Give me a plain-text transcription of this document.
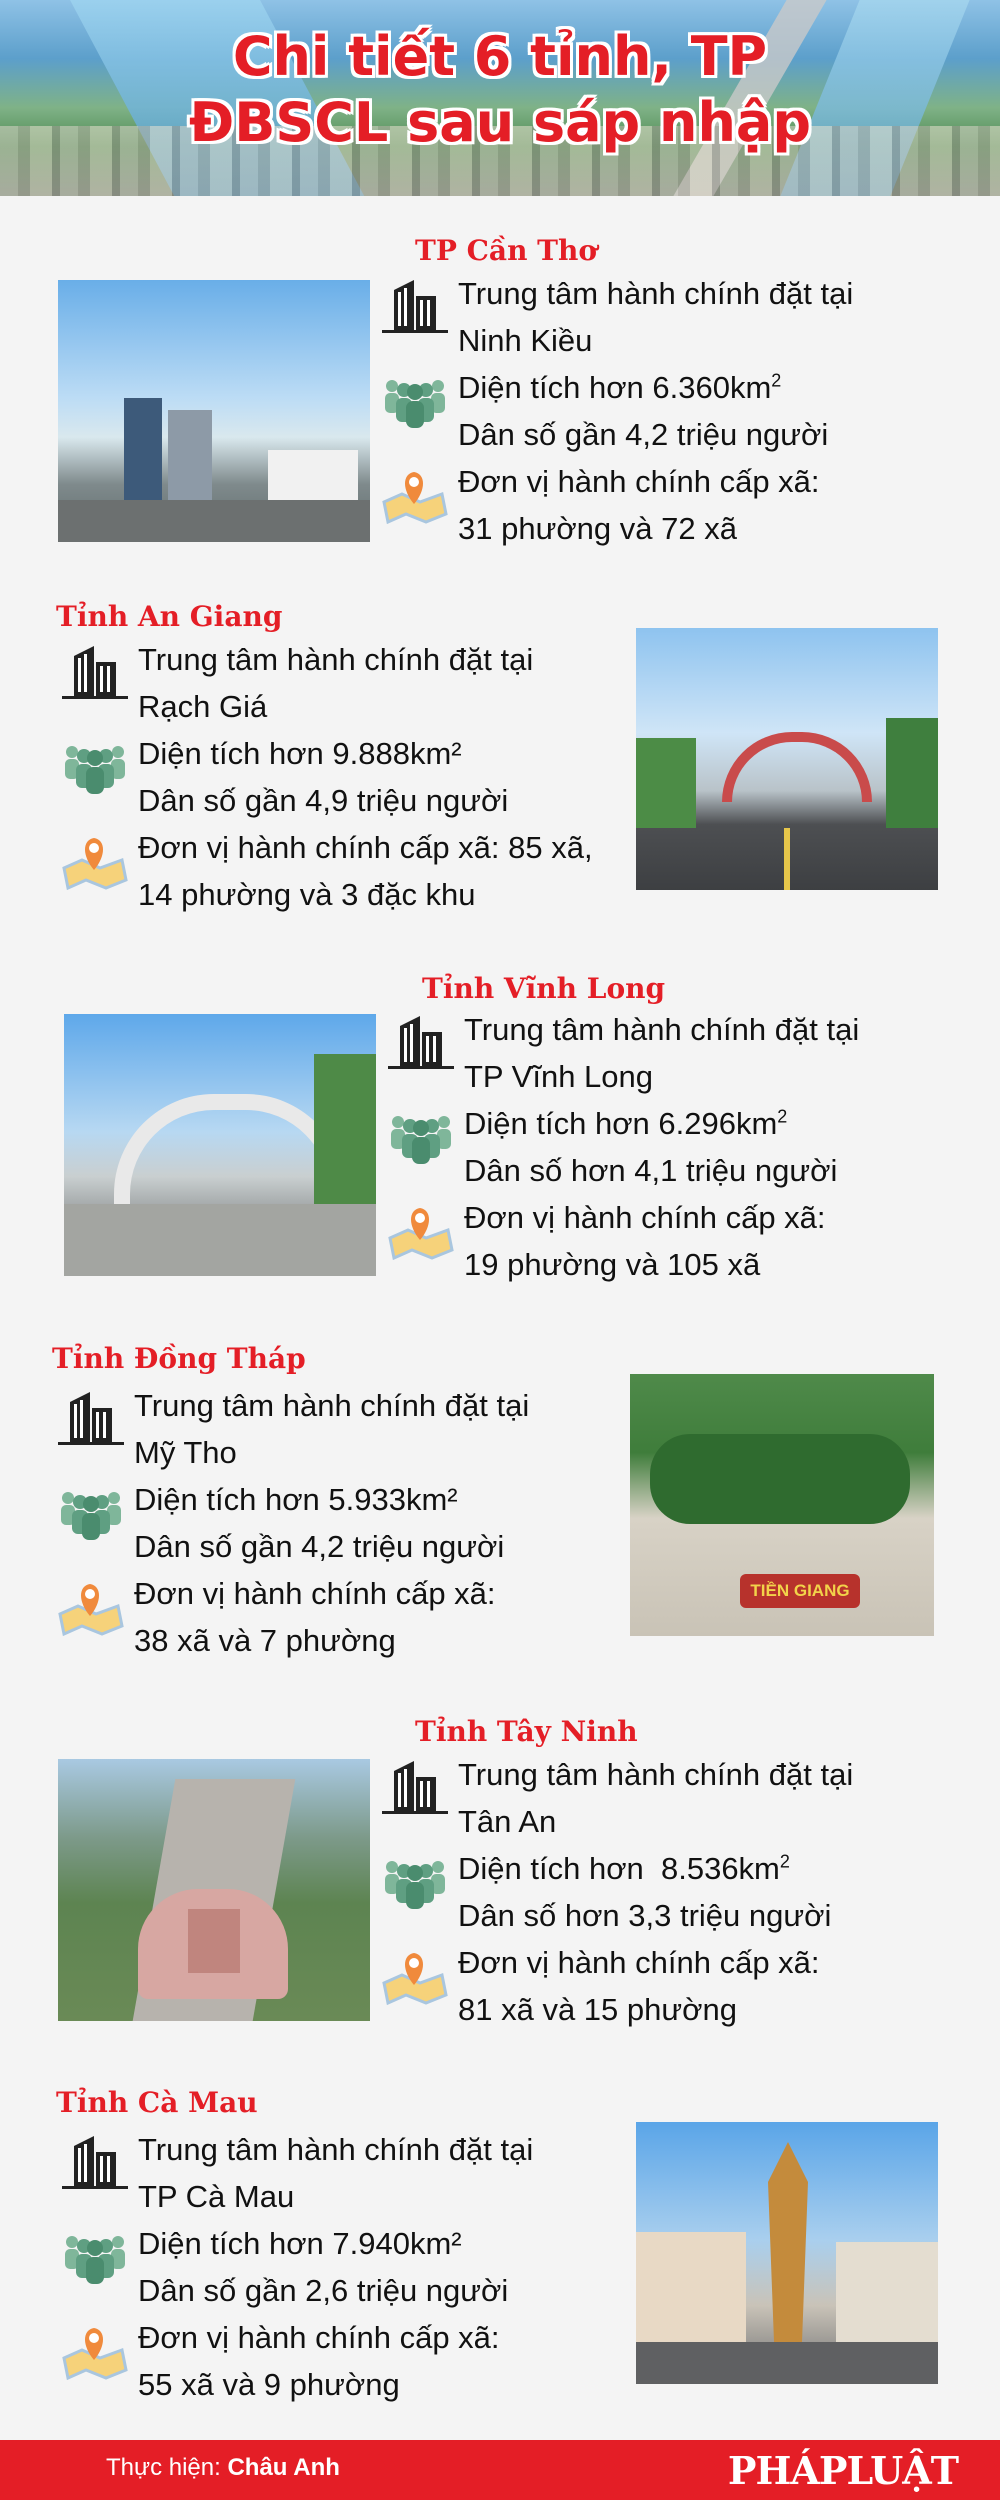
Chi tiết 6 tỉnh, TP
ĐBSCL sau sáp nhập
TP Cần Thơ
Trung tâm hành chính đặt tại
Ninh Kiều
Diện tích hơn $6.360km^2$
Dân số gần 4,2 triệu người
Đơn vị hành chính cấp xã:
31 phường và 72 xã
Tỉnh An Giang
Trung tâm hành chính đặt tại
Rạch Giá
Diện tích hơn 9.888km²
Dân số gần 4,9 triệu người
Đơn vị hành chính cấp xã: 85 xã,
14 phường và 3 đặc khu
Tỉnh Vĩnh Long
Trung tâm hành chính đặt tại
TP Vĩnh Long
Diện tích hơn $6.296km^2$
Dân số hơn 4,1 triệu người
Đơn vị hành chính cấp xã:
19 phường và 105 xã
Tỉnh Đồng Tháp
TIỀN GIANG
Trung tâm hành chính đặt tại
Mỹ Tho
Diện tích hơn 5.933km²
Dân số gần 4,2 triệu người
Đơn vị hành chính cấp xã:
38 xã và 7 phường
Tỉnh Tây Ninh
Trung tâm hành chính đặt tại
Tân An
Diện tích hơn  $8.536km^2$
Dân số hơn 3,3 triệu người
Đơn vị hành chính cấp xã:
81 xã và 15 phường
Tỉnh Cà Mau
Trung tâm hành chính đặt tại
TP Cà Mau
Diện tích hơn 7.940km²
Dân số gần 2,6 triệu người
Đơn vị hành chính cấp xã:
55 xã và 9 phường
Thực hiện: Châu Anh	PHÁPLUẬT
